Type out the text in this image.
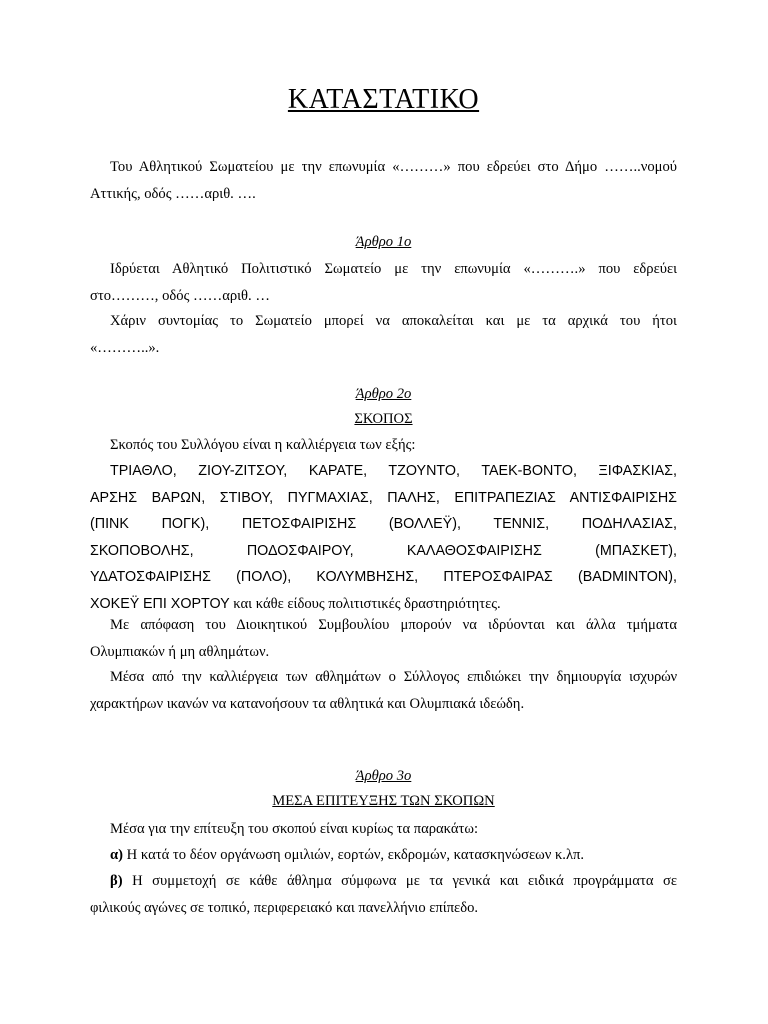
ΚΑΤΑΣΤΑΤΙΚΟ
Του Αθλητικού Σωματείου με την επωνυμία «………» που εδρεύει στο Δήμο ……..νομού
Αττικής, οδός ……αριθ. ….
Άρθρο 1ο
Ιδρύεται Αθλητικό Πολιτιστικό Σωματείο με την επωνυμία «……….» που εδρεύει
στο………, οδός ……αριθ. …
Χάριν συντομίας το Σωματείο μπορεί να αποκαλείται και με τα αρχικά του ήτοι
«………..».
Άρθρο 2ο
ΣΚΟΠΟΣ
Σκοπός του Συλλόγου είναι η καλλιέργεια των εξής:
ΤΡΙΑΘΛΟ, ΖΙΟΥ-ΖΙΤΣΟΥ, ΚΑΡΑΤΕ, ΤΖΟΥΝΤΟ, ΤΑΕΚ-ΒΟΝΤΟ, ΞΙΦΑΣΚΙΑΣ,
ΑΡΣΗΣ ΒΑΡΩΝ, ΣΤΙΒΟΥ, ΠΥΓΜΑΧΙΑΣ, ΠΑΛΗΣ, ΕΠΙΤΡΑΠΕΖΙΑΣ ΑΝΤΙΣΦΑΙΡΙΣΗΣ
(ΠΙΝΚ ΠΟΓΚ), ΠΕΤΟΣΦΑΙΡΙΣΗΣ (ΒΟΛΛΕΫ), ΤΕΝΝΙΣ, ΠΟΔΗΛΑΣΙΑΣ,
ΣΚΟΠΟΒΟΛΗΣ, ΠΟΔΟΣΦΑΙΡΟΥ, ΚΑΛΑΘΟΣΦΑΙΡΙΣΗΣ (ΜΠΑΣΚΕΤ),
ΥΔΑΤΟΣΦΑΙΡΙΣΗΣ (ΠΟΛΟ), ΚΟΛΥΜΒΗΣΗΣ, ΠΤΕΡΟΣΦΑΙΡΑΣ (BADMINTON),
ΧΟΚΕΫ ΕΠΙ ΧΟΡΤΟΥ και κάθε είδους πολιτιστικές δραστηριότητες.
Με απόφαση του Διοικητικού Συμβουλίου μπορούν να ιδρύονται και άλλα τμήματα
Ολυμπιακών ή μη αθλημάτων.
Μέσα από την καλλιέργεια των αθλημάτων ο Σύλλογος επιδιώκει την δημιουργία ισχυρών
χαρακτήρων ικανών να κατανοήσουν τα αθλητικά και Ολυμπιακά ιδεώδη.
Άρθρο 3ο
ΜΕΣΑ ΕΠΙΤΕΥΞΗΣ ΤΩΝ ΣΚΟΠΩΝ
Μέσα για την επίτευξη του σκοπού είναι κυρίως τα παρακάτω:
α) Η κατά το δέον οργάνωση ομιλιών, εορτών, εκδρομών, κατασκηνώσεων κ.λπ.
β) Η συμμετοχή σε κάθε άθλημα σύμφωνα με τα γενικά και ειδικά προγράμματα σε
φιλικούς αγώνες σε τοπικό, περιφερειακό και πανελλήνιο επίπεδο.
